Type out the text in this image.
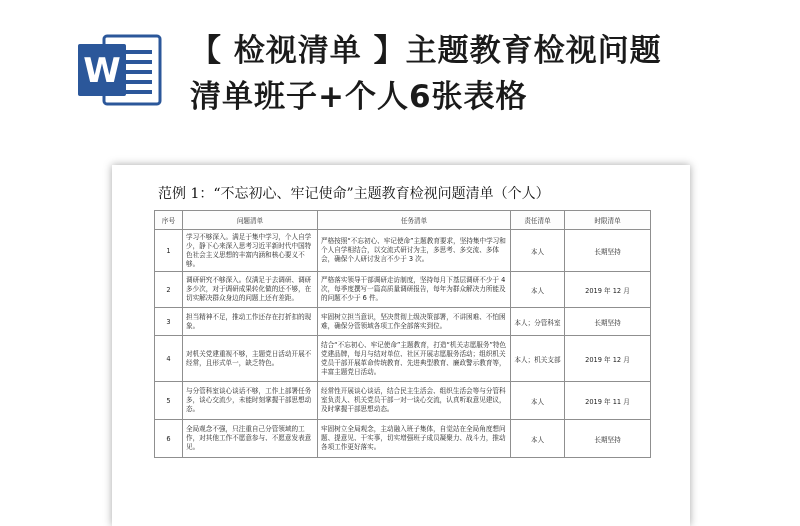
W 【 检视清单 】主题教育检视问题
清单班子+个人6张表格
范例 1：“不忘初心、牢记使命”主题教育检视问题清单（个人）
序号	问题清单	任务清单	责任清单	时限清单
1	学习不够深入。满足于集中学习，个人自学少，静下心来深入思考习近平新时代中国特色社会主义思想的丰富内涵和核心要义不够。	严格按照“不忘初心、牢记使命”主题教育要求，坚持集中学习和个人自学相结合，以交流式研讨为主，多思考、多交流、多体会，确保个人研讨发言不少于 3 次。	本人	长期坚持
2	调研研究不够深入。仅满足于去调研、调研多少次，对于调研成果转化做的还不够，在切实解决群众身边的问题上还有差距。	严格落实领导干部调研走访制度，坚持每月下基层调研不少于 4 次，每季度撰写一篇高质量调研报告，每年为群众解决力所能及的问题不少于 6 件。	本人	2019 年 12 月
3	担当精神不足，推动工作还存在打折扣的现象。	牢固树立担当意识，坚决贯彻上级决策部署，不讲困难、不怕困难，确保分管领域各项工作全部落实到位。	本人；分管科室	长期坚持
4	对机关党建重视不够，主题党日活动开展不经常，且形式单一，缺乏特色。	结合“不忘初心、牢记使命”主题教育，打造“机关志愿服务”特色党建品牌，每月与结对单位、社区开展志愿服务活动；组织机关党员干部开展革命传统教育、先进典型教育、廉政警示教育等，丰富主题党日活动。	本人；机关支部	2019 年 12 月
5	与分管科室谈心谈话不够，工作上部署任务多，谈心交流少，未能时刻掌握干部思想动态。	经常性开展谈心谈话，结合民主生活会、组织生活会等与分管科室负责人、机关党员干部一对一谈心交流，认真听取意见建议，及时掌握干部思想动态。	本人	2019 年 11 月
6	全局观念不强，只注重自己分管领域的工作，对其他工作不愿意参与、不愿意发表意见。	牢固树立全局观念，主动融入班子集体，自觉站在全局角度想问题、提意见、干实事，切实增强班子成员凝聚力、战斗力，推动各项工作更好落实。	本人	长期坚持
